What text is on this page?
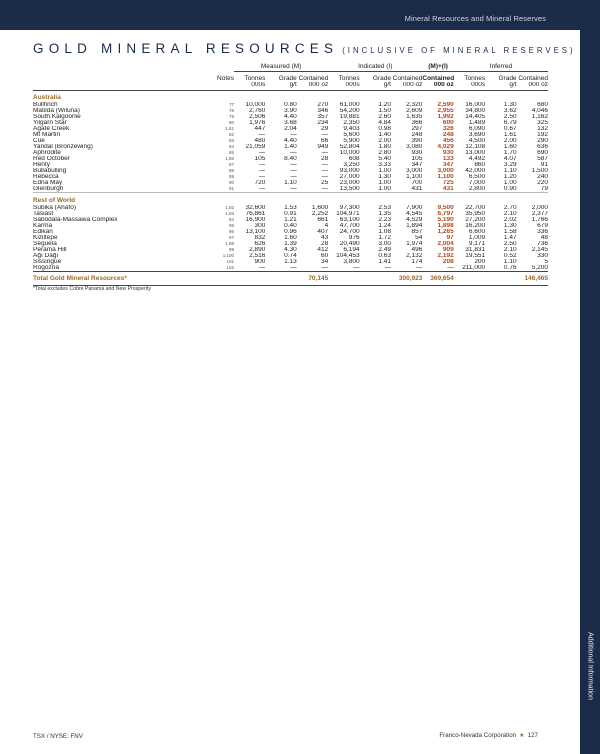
Mineral Resources and Mineral Reserves
Additional Information
GOLD MINERAL RESOURCES (INCLUSIVE OF MINERAL RESERVES)
		Measured (M)			Indicated (I)			(M)+(I)	Inferred		
	Notes	Tonnes	Grade	Contained	Tonnes	Grade	Contained	Contained	Tonnes	Grade	Contained
		000s	g/t	000 oz	000s	g/t	000 oz	000 oz	000s	g/t	000 oz
Australia											
Bullfinch	77	10,000	0.80	270	61,000	1.20	2,320	2,590	16,000	1.30	680
Matilda (Wiluna)	78	2,760	3.90	346	54,200	1.50	2,609	2,955	34,800	3.62	4,046
South Kalgoorlie	79	2,506	4.40	357	19,881	2.60	1,635	1,992	14,405	2.50	1,162
Yilgarn Star	80	1,976	3.68	234	2,350	4.84	366	600	1,489	6.79	325
Agate Creek	1,81	447	2.04	29	9,403	0.98	297	326	6,090	0.67	132
Mt Martin	82	—	—	—	5,600	1.40	248	248	3,690	1.61	192
Cue	83	480	4.40	66	5,900	2.00	390	456	4,500	2.00	290
Yandal (Bronzewing)	84	21,059	1.40	949	52,804	1.80	3,080	4,029	12,108	1.60	636
Aphrodite	85	—	—	—	10,000	2.80	930	930	13,000	1.70	690
Red October	1,86	105	8.40	28	608	5.40	105	133	4,492	4.07	587
Henty	87	—	—	—	3,250	3.33	347	347	860	3.29	91
Bullabulling	88	—	—	—	93,000	1.00	3,000	3,000	42,000	1.10	1,500
Rebecca	89	—	—	—	27,000	1.30	1,100	1,100	6,500	1.20	240
Edna May	90	720	1.10	25	23,000	1.00	700	725	7,000	1.00	220
Glenburgh	91	—	—	—	13,500	1.00	431	431	2,800	0.90	79

Rest of World											
Subika (Ahafo)	1,92	32,600	1.53	1,600	97,300	2.53	7,900	9,500	22,700	2.70	2,000
Tasiast	1,93	76,861	0.91	2,252	104,971	1.35	4,545	6,797	35,950	2.10	2,377
Sabodala-Massawa Complex	94	16,900	1.21	661	63,100	2.23	4,529	5,190	27,200	2.02	1,766
Karma	95	300	0.40	4	47,700	1.24	1,894	1,898	16,200	1.30	679
Edikan	96	13,100	0.96	407	24,700	1.08	857	1,265	6,600	1.58	336
Kiziltepe	97	832	1.60	43	976	1.72	54	97	1,009	1.47	48
Séguéla	1,98	626	1.39	28	20,490	3.00	1,974	2,004	9,171	2.50	736
Perama Hill	99	2,890	4.30	412	6,194	2.49	496	909	31,831	2.10	2,145
Ağı Dağı	1,100	2,516	0.74	60	104,453	0.63	2,132	2,192	19,551	0.52	330
Sissingué	101	900	1.13	34	3,800	1.41	174	208	200	1.10	5
Rogozna	102	—	—	—	—	—	—	—	211,000	0.76	5,200
Total Gold Mineral Resources*				70,145			300,923	369,654			146,465
*Total excludes Cobre Panamá and New Prosperity
TSX / NYSE: FNV	Franco-Nevada Corporation ★ 127
